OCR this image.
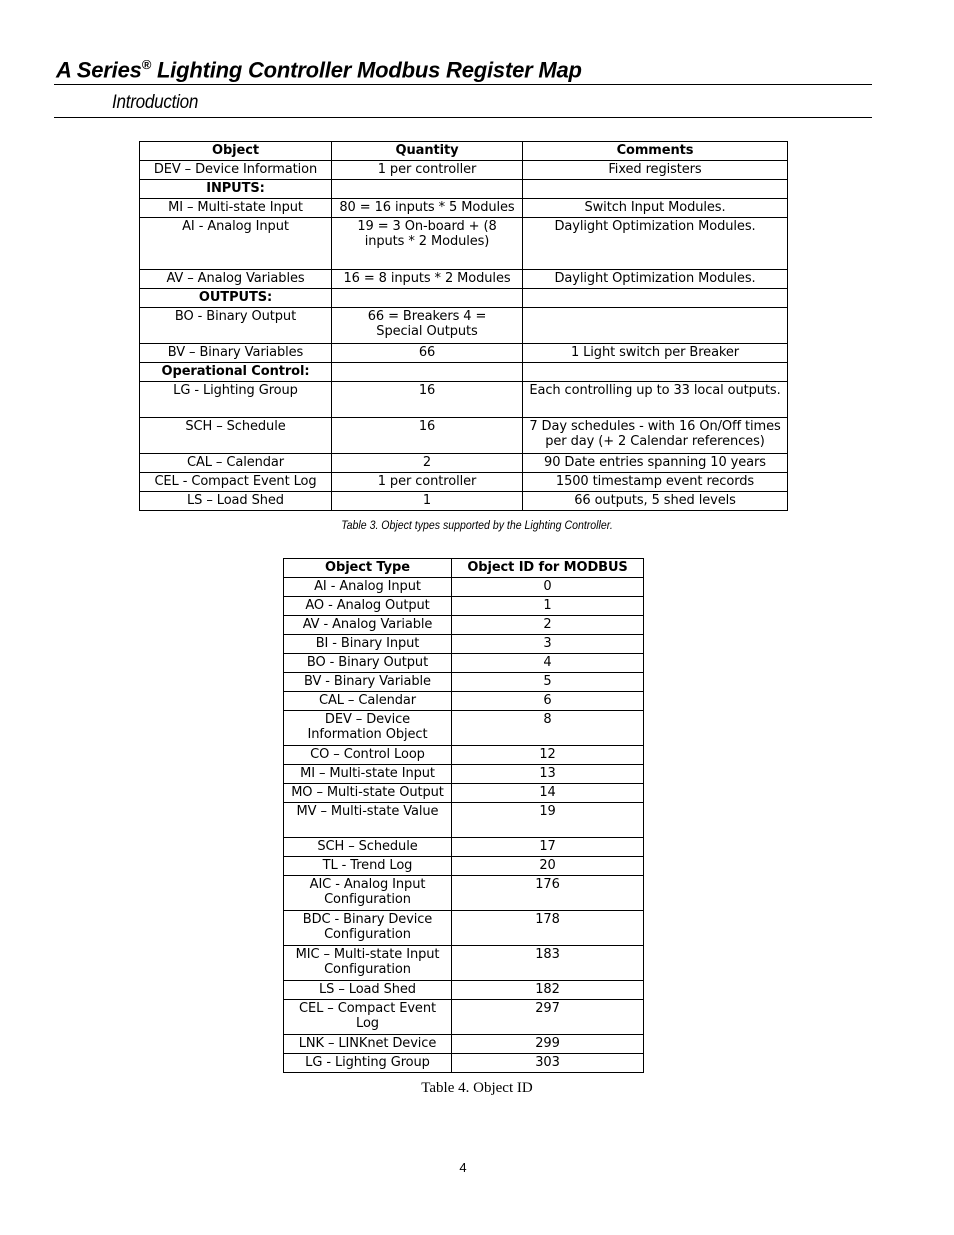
A Series® Lighting Controller Modbus Register Map
Introduction
Object	Quantity	Comments
DEV – Device Information	1 per controller	Fixed registers
INPUTS:		
MI – Multi-state Input	80 = 16 inputs * 5 Modules	Switch Input Modules.
AI - Analog Input	19 = 3 On-board + (8 inputs * 2 Modules)	Daylight Optimization Modules.
AV – Analog Variables	16 = 8 inputs * 2 Modules	Daylight Optimization Modules.
OUTPUTS:		
BO - Binary Output	66 = Breakers 4 = Special Outputs	
BV – Binary Variables	66	1 Light switch per Breaker
Operational Control:		
LG - Lighting Group	16	Each controlling up to 33 local outputs.
SCH – Schedule	16	7 Day schedules - with 16 On/Off times per day (+ 2 Calendar references)
CAL – Calendar	2	90 Date entries spanning 10 years
CEL - Compact Event Log	1 per controller	1500 timestamp event records
LS – Load Shed	1	66 outputs, 5 shed levels
Table 3. Object types supported by the Lighting Controller.
Object Type	Object ID for MODBUS
AI - Analog Input	0
AO - Analog Output	1
AV - Analog Variable	2
BI - Binary Input	3
BO - Binary Output	4
BV - Binary Variable	5
CAL – Calendar	6
DEV – Device Information Object	8
CO – Control Loop	12
MI – Multi-state Input	13
MO – Multi-state Output	14
MV – Multi-state Value	19
SCH – Schedule	17
TL - Trend Log	20
AIC - Analog Input Configuration	176
BDC - Binary Device Configuration	178
MIC – Multi-state Input Configuration	183
LS – Load Shed	182
CEL – Compact Event Log	297
LNK – LINKnet Device	299
LG - Lighting Group	303
Table 4. Object ID
4
